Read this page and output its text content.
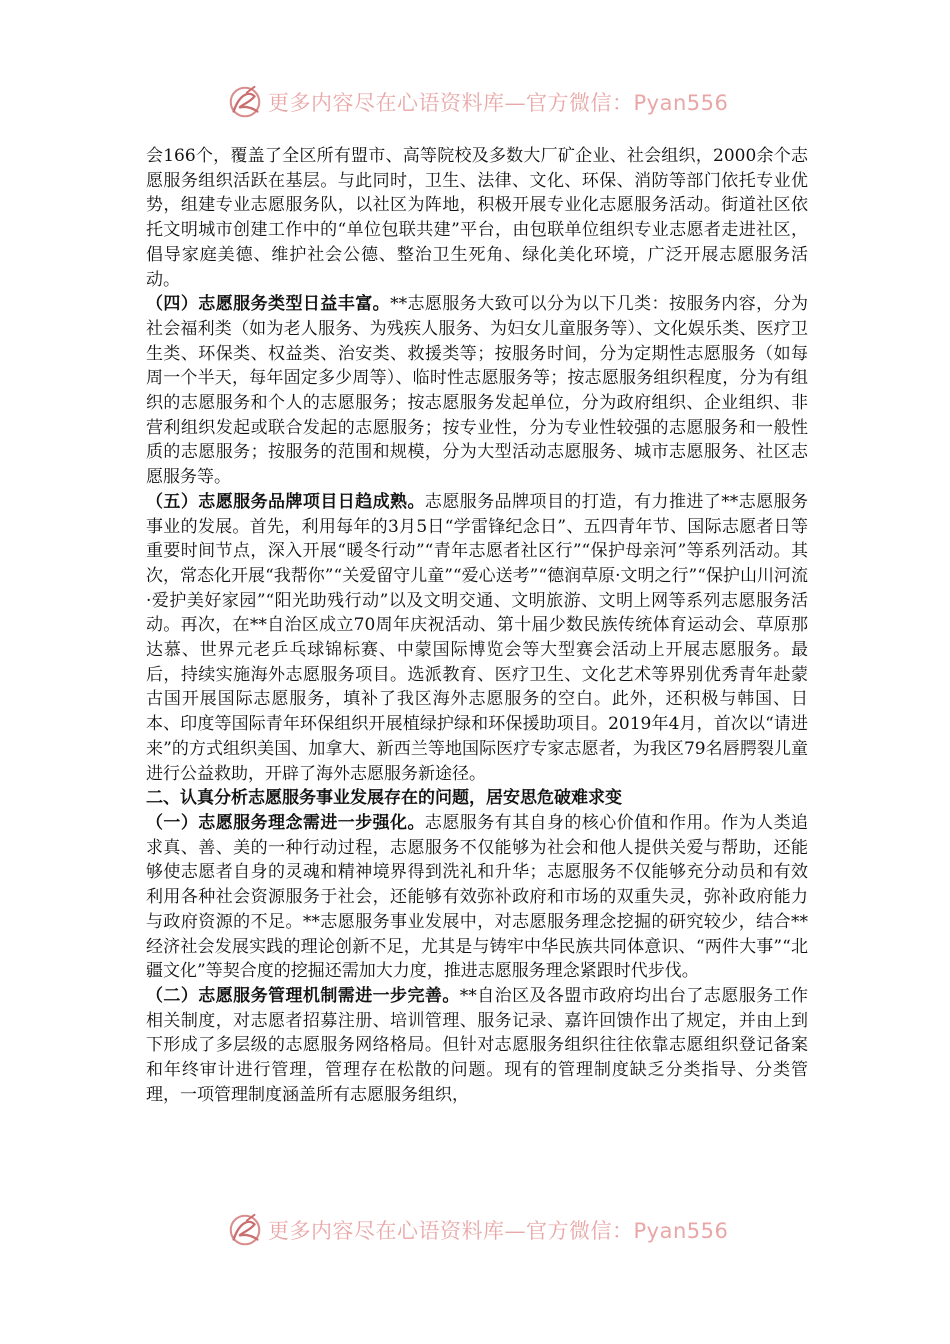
更多内容尽在心语资料库—官方微信：Pyan556

会166个，覆盖了全区所有盟市、高等院校及多数大厂矿企业、社会组织，2000余个志愿服务组织活跃在基层。与此同时，卫生、法律、文化、环保、消防等部门依托专业优势，组建专业志愿服务队，以社区为阵地，积极开展专业化志愿服务活动。街道社区依托文明城市创建工作中的“单位包联共建”平台，由包联单位组织专业志愿者走进社区，倡导家庭美德、维护社会公德、整治卫生死角、绿化美化环境，广泛开展志愿服务活动。

（四）志愿服务类型日益丰富。**志愿服务大致可以分为以下几类：按服务内容，分为社会福利类（如为老人服务、为残疾人服务、为妇女儿童服务等）、文化娱乐类、医疗卫生类、环保类、权益类、治安类、救援类等；按服务时间，分为定期性志愿服务（如每周一个半天，每年固定多少周等）、临时性志愿服务等；按志愿服务组织程度，分为有组织的志愿服务和个人的志愿服务；按志愿服务发起单位，分为政府组织、企业组织、非营利组织发起或联合发起的志愿服务；按专业性，分为专业性较强的志愿服务和一般性质的志愿服务；按服务的范围和规模，分为大型活动志愿服务、城市志愿服务、社区志愿服务等。

（五）志愿服务品牌项目日趋成熟。志愿服务品牌项目的打造，有力推进了**志愿服务事业的发展。首先，利用每年的3月5日“学雷锋纪念日”、五四青年节、国际志愿者日等重要时间节点，深入开展“暖冬行动”“青年志愿者社区行”“保护母亲河”等系列活动。其次，常态化开展“我帮你”“关爱留守儿童”“爱心送考”“德润草原·文明之行”“保护山川河流·爱护美好家园”“阳光助残行动”以及文明交通、文明旅游、文明上网等系列志愿服务活动。再次，在**自治区成立70周年庆祝活动、第十届少数民族传统体育运动会、草原那达慕、世界元老乒乓球锦标赛、中蒙国际博览会等大型赛会活动上开展志愿服务。最后，持续实施海外志愿服务项目。选派教育、医疗卫生、文化艺术等界别优秀青年赴蒙古国开展国际志愿服务，填补了我区海外志愿服务的空白。此外，还积极与韩国、日本、印度等国际青年环保组织开展植绿护绿和环保援助项目。2019年4月，首次以“请进来”的方式组织美国、加拿大、新西兰等地国际医疗专家志愿者，为我区79名唇腭裂儿童进行公益救助，开辟了海外志愿服务新途径。

二、认真分析志愿服务事业发展存在的问题，居安思危破难求变

（一）志愿服务理念需进一步强化。志愿服务有其自身的核心价值和作用。作为人类追求真、善、美的一种行动过程，志愿服务不仅能够为社会和他人提供关爱与帮助，还能够使志愿者自身的灵魂和精神境界得到洗礼和升华；志愿服务不仅能够充分动员和有效利用各种社会资源服务于社会，还能够有效弥补政府和市场的双重失灵，弥补政府能力与政府资源的不足。**志愿服务事业发展中，对志愿服务理念挖掘的研究较少，结合**经济社会发展实践的理论创新不足，尤其是与铸牢中华民族共同体意识、“两件大事”“北疆文化”等契合度的挖掘还需加大力度，推进志愿服务理念紧跟时代步伐。

（二）志愿服务管理机制需进一步完善。**自治区及各盟市政府均出台了志愿服务工作相关制度，对志愿者招募注册、培训管理、服务记录、嘉许回馈作出了规定，并由上到下形成了多层级的志愿服务网络格局。但针对志愿服务组织往往依靠志愿组织登记备案和年终审计进行管理，管理存在松散的问题。现有的管理制度缺乏分类指导、分类管理，一项管理制度涵盖所有志愿服务组织，

更多内容尽在心语资料库—官方微信：Pyan556
